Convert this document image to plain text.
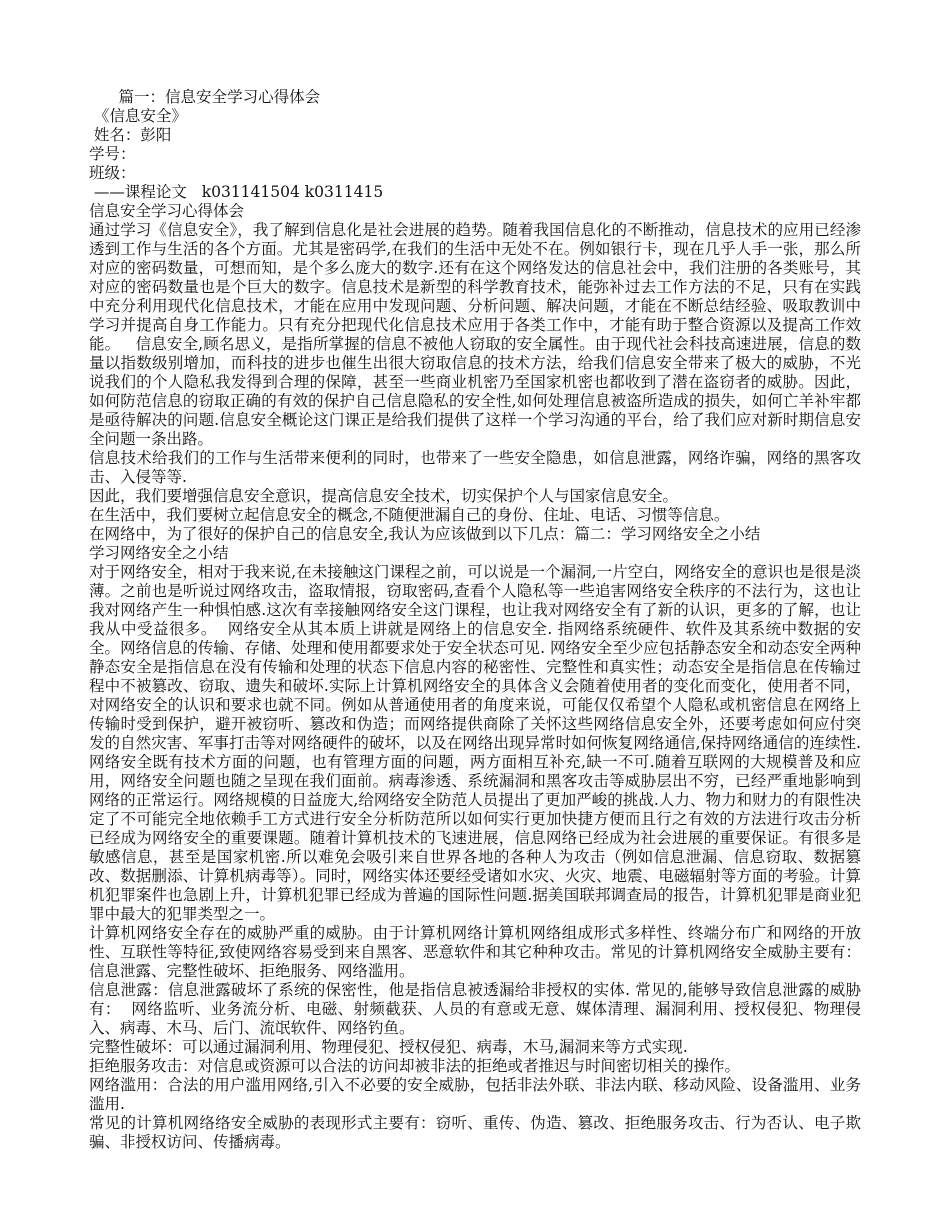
篇一：信息安全学习心得体会
《信息安全》
姓名：彭阳
学号：
班级：
——课程论文   k031141504 k0311415
信息安全学习心得体会

通过学习《信息安全》，我了解到信息化是社会进展的趋势。随着我国信息化的不断推动，信息技术的应用已经渗透到工作与生活的各个方面。尤其是密码学,在我们的生活中无处不在。例如银行卡，现在几乎人手一张，那么所对应的密码数量，可想而知，是个多么庞大的数字.还有在这个网络发达的信息社会中，我们注册的各类账号，其对应的密码数量也是个巨大的数字。信息技术是新型的科学教育技术，能弥补过去工作方法的不足，只有在实践中充分利用现代化信息技术，才能在应用中发现问题、分析问题、解决问题，才能在不断总结经验、吸取教训中学习并提高自身工作能力。只有充分把现代化信息技术应用于各类工作中，才能有助于整合资源以及提高工作效能。   信息安全,顾名思义，是指所掌握的信息不被他人窃取的安全属性。由于现代社会科技高速进展，信息的数量以指数级别增加，而科技的进步也催生出很大窃取信息的技术方法，给我们信息安全带来了极大的威胁，不光说我们的个人隐私我发得到合理的保障，甚至一些商业机密乃至国家机密也都收到了潜在盗窃者的威胁。因此，如何防范信息的窃取正确的有效的保护自己信息隐私的安全性,如何处理信息被盗所造成的损失，如何亡羊补牢都是亟待解决的问题.信息安全概论这门课正是给我们提供了这样一个学习沟通的平台，给了我们应对新时期信息安全问题一条出路。

信息技术给我们的工作与生活带来便利的同时，也带来了一些安全隐患，如信息泄露，网络诈骗，网络的黑客攻击、入侵等等.

因此，我们要增强信息安全意识，提高信息安全技术，切实保护个人与国家信息安全。

在生活中，我们要树立起信息安全的概念,不随便泄漏自己的身份、住址、电话、习惯等信息。

在网络中，为了很好的保护自己的信息安全,我认为应该做到以下几点：篇二：学习网络安全之小结

学习网络安全之小结

对于网络安全，相对于我来说,在未接触这门课程之前，可以说是一个漏洞,一片空白，网络安全的意识也是很是淡薄。之前也是听说过网络攻击，盗取情报，窃取密码,查看个人隐私等一些追害网络安全秩序的不法行为，这也让我对网络产生一种惧怕感.这次有幸接触网络安全这门课程，也让我对网络安全有了新的认识，更多的了解，也让我从中受益很多。  网络安全从其本质上讲就是网络上的信息安全. 指网络系统硬件、软件及其系统中数据的安全。网络信息的传输、存储、处理和使用都要求处于安全状态可见. 网络安全至少应包括静态安全和动态安全两种静态安全是指信息在没有传输和处理的状态下信息内容的秘密性、完整性和真实性；动态安全是指信息在传输过程中不被篡改、窃取、遗失和破坏.实际上计算机网络安全的具体含义会随着使用者的变化而变化，使用者不同，对网络安全的认识和要求也就不同。例如从普通使用者的角度来说，可能仅仅希望个人隐私或机密信息在网络上传输时受到保护，避开被窃听、篡改和伪造；而网络提供商除了关怀这些网络信息安全外，还要考虑如何应付突发的自然灾害、军事打击等对网络硬件的破坏，以及在网络出现异常时如何恢复网络通信,保持网络通信的连续性.网络安全既有技术方面的问题，也有管理方面的问题，两方面相互补充,缺一不可.随着互联网的大规模普及和应用，网络安全问题也随之呈现在我们面前。病毒渗透、系统漏洞和黑客攻击等威胁层出不穷，已经严重地影响到网络的正常运行。网络规模的日益庞大,给网络安全防范人员提出了更加严峻的挑战.人力、物力和财力的有限性决定了不可能完全地依赖手工方式进行安全分析防范所以如何实行更加快捷方便而且行之有效的方法进行攻击分析已经成为网络安全的重要课题。随着计算机技术的飞速进展，信息网络已经成为社会进展的重要保证。有很多是敏感信息，甚至是国家机密.所以难免会吸引来自世界各地的各种人为攻击（例如信息泄漏、信息窃取、数据篡改、数据删添、计算机病毒等）。同时，网络实体还要经受诸如水灾、火灾、地震、电磁辐射等方面的考验。计算机犯罪案件也急剧上升，计算机犯罪已经成为普遍的国际性问题.据美国联邦调查局的报告，计算机犯罪是商业犯罪中最大的犯罪类型之一。

计算机网络安全存在的威胁严重的威胁。由于计算机网络计算机网络组成形式多样性、终端分布广和网络的开放性、互联性等特征,致使网络容易受到来自黑客、恶意软件和其它种种攻击。常见的计算机网络安全威胁主要有：信息泄露、完整性破坏、拒绝服务、网络滥用。

信息泄露：信息泄露破坏了系统的保密性，他是指信息被透漏给非授权的实体. 常见的,能够导致信息泄露的威胁有：  网络监听、业务流分析、电磁、射频截获、人员的有意或无意、媒体清理、漏洞利用、授权侵犯、物理侵入、病毒、木马、后门、流氓软件、网络钓鱼。

完整性破坏：可以通过漏洞利用、物理侵犯、授权侵犯、病毒，木马,漏洞来等方式实现.

拒绝服务攻击：对信息或资源可以合法的访问却被非法的拒绝或者推迟与时间密切相关的操作。

网络滥用：合法的用户滥用网络,引入不必要的安全威胁，包括非法外联、非法内联、移动风险、设备滥用、业务滥用.

常见的计算机网络络安全威胁的表现形式主要有：窃听、重传、伪造、篡改、拒绝服务攻击、行为否认、电子欺骗、非授权访问、传播病毒。
